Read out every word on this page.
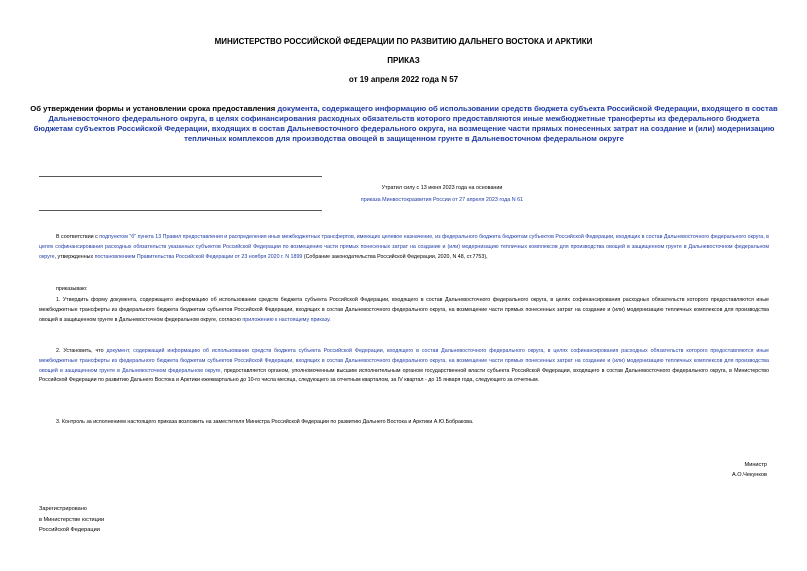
МИНИСТЕРСТВО РОССИЙСКОЙ ФЕДЕРАЦИИ ПО РАЗВИТИЮ ДАЛЬНЕГО ВОСТОКА И АРКТИКИ
ПРИКАЗ
от 19 апреля 2022 года N 57
Об утверждении формы и установлении срока предоставления документа, содержащего информацию об использовании средств бюджета субъекта Российской Федерации, входящего в состав Дальневосточного федерального округа, в целях софинансирования расходных обязательств которого предоставляются иные межбюджетные трансферты из федерального бюджета бюджетам субъектов Российской Федерации, входящих в состав Дальневосточного федерального округа, на возмещение части прямых понесенных затрат на создание и (или) модернизацию тепличных комплексов для производства овощей в защищенном грунте в Дальневосточном федеральном округе
Утратил силу с 13 июня 2023 года на основании
приказа Минвостокразвития России от 27 апреля 2023 года N 61
В соответствии с подпунктом "б" пункта 13 Правил предоставления и распределения иных межбюджетных трансфертов, имеющих целевое назначение, из федерального бюджета бюджетам субъектов Российской Федерации, входящих в состав Дальневосточного федерального округа, в целях софинансирования расходных обязательств указанных субъектов Российской Федерации по возмещению части прямых понесенных затрат на создание и (или) модернизацию тепличных комплексов для производства овощей в защищенном грунте в Дальневосточном федеральном округе, утвержденных постановлением Правительства Российской Федерации от 23 ноября 2020 г. N 1899 (Собрание законодательства Российской Федерации, 2020, N 48, ст.7753),
приказываю:
1. Утвердить форму документа, содержащего информацию об использовании средств бюджета субъекта Российской Федерации, входящего в состав Дальневосточного федерального округа, в целях софинансирования расходных обязательств которого предоставляются иные межбюджетные трансферты из федерального бюджета бюджетам субъектов Российской Федерации, входящих в состав Дальневосточного федерального округа, на возмещение части прямых понесенных затрат на создание и (или) модернизацию тепличных комплексов для производства овощей в защищенном грунте в Дальневосточном федеральном округе, согласно приложению к настоящему приказу.
2. Установить, что документ, содержащий информацию об использовании средств бюджета субъекта Российской Федерации, входящего в состав Дальневосточного федерального округа, в целях софинансирования расходных обязательств которого предоставляются иные межбюджетные трансферты из федерального бюджета бюджетам субъектов Российской Федерации, входящих в состав Дальневосточного федерального округа, на возмещение части прямых понесенных затрат на создание и (или) модернизацию тепличных комплексов для производства овощей в защищенном грунте в Дальневосточном федеральном округе, предоставляется органом, уполномоченным высшим исполнительным органом государственной власти субъекта Российской Федерации, входящего в состав Дальневосточного федерального округа, в Министерство Российской Федерации по развитию Дальнего Востока и Арктики ежеквартально до 10-го числа месяца, следующего за отчетным кварталом, за IV квартал - до 15 января года, следующего за отчетным.
3. Контроль за исполнением настоящего приказа возложить на заместителя Министра Российской Федерации по развитию Дальнего Востока и Арктики А.Ю.Бобракова.
Министр
А.О.Чекунков
Зарегистрировано
в Министерстве юстиции
Российской Федерации
